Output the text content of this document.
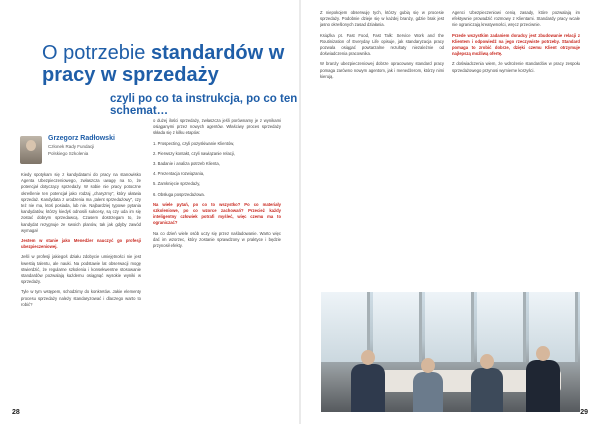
O potrzebie standardów w pracy w sprzedaży
czyli po co ta instrukcja, po co ten schemat…
Grzegorz Radłowski
Członek Rady Fundacji
Polskiego Szkolenia

Kiedy spotykam się z kandydatami do pracy na stanowisko Agenta Ubezpieczeniowego, zwłaszcza uwagę na to, że potencjał dotyczący sprzedaży. W sobie nie pracy potoczne określenie ten potencjał jako rodzaj „charyzmy”, który ułatwia sprzedaż. Kandydata z urodzenia ma „talent sprzedażowy”, czy też nie ma, ktoś posiada, lub nie. Najbardziej typowe pytania kandydatów, którzy kiedyś odnosili sukcesy, są czy uda im się zostać dobrym sprzedawcą. Czasem dostrzegam to, że kandydat rezygnuje ze swoich planów, tak jak gdyby zawód wymagał

Jestem w stanie jako Menedżer nauczyć go profesji ubezpieczeniowej.

Jeśli w profesji jakiegoś działu zdobycie umiejętności nie jest kwestią talentu, ale nauki. Na podstawie lat obserwacji mogę stwierdzić, że regularne szkolenia i konsekwentne stosowanie standardów pozwalają każdemu osiągnąć wysokie wyniki w sprzedaży.

Tyle w tym wstępem, schodzimy do konkretów. Jakie elementy procesu sprzedaży należy standaryzować i dlaczego warto to robić?

o dużej ilości sprzedaży, zwłaszcza jeśli porównamy je z wynikami osiąganymi przez nowych agentów. Właściwy proces sprzedaży składa się z kilku etapów:

1. Prospecting, czyli pozyskiwanie Klientów,

2. Pierwszy kontakt, czyli nawiązanie relacji,

3. Badanie i analiza potrzeb Klienta,

4. Prezentacja rozwiązania,

5. Zamknięcie sprzedaży,

6. Obsługa posprzedażowa.

Na wiele pytań, po co to wszystko? Po co materiały szkoleniowe, po co wzorce zachowań? Przecież każdy inteligentny człowiek potrafi myśleć, więc czemu ma to ograniczać?

Na co dzień wiele osób uczy się przez naśladowanie. Warto więc dać im wzorzec, który zostanie sprawdzony w praktyce i będzie przynosił efekty.

28

Z niepokojem obserwuję tych, którzy gubią się w procesie sprzedaży. Podobnie dzieje się w każdej branży, gdzie brak jest jasno określonych zasad działania.

Książka pt. Fast Food, Fast Talk: Service Work and the Routinization of Everyday Life opisuje, jak standaryzacja pracy pozwala osiągać powtarzalne rezultaty niezależnie od doświadczenia pracownika.

W branży ubezpieczeniowej dobrze opracowany standard pracy pomaga zarówno nowym agentom, jak i menedżerom, którzy nimi kierują.

Agenci Ubezpieczeniowi cenią zasady, które pozwalają im efektywnie prowadzić rozmowy z Klientami. Standardy pracy wcale nie ograniczają kreatywności, wręcz przeciwnie.

Przede wszystkim zadaniem doradcy jest zbudowanie relacji z Klientem i odpowiedź na jego rzeczywiste potrzeby. Standard pomaga to zrobić dobrze, dzięki czemu Klient otrzymuje najlepszą możliwą ofertę.

Z doświadczenia wiem, że wdrożenie standardów w pracy zespołu sprzedażowego przynosi wymierne korzyści.

29
